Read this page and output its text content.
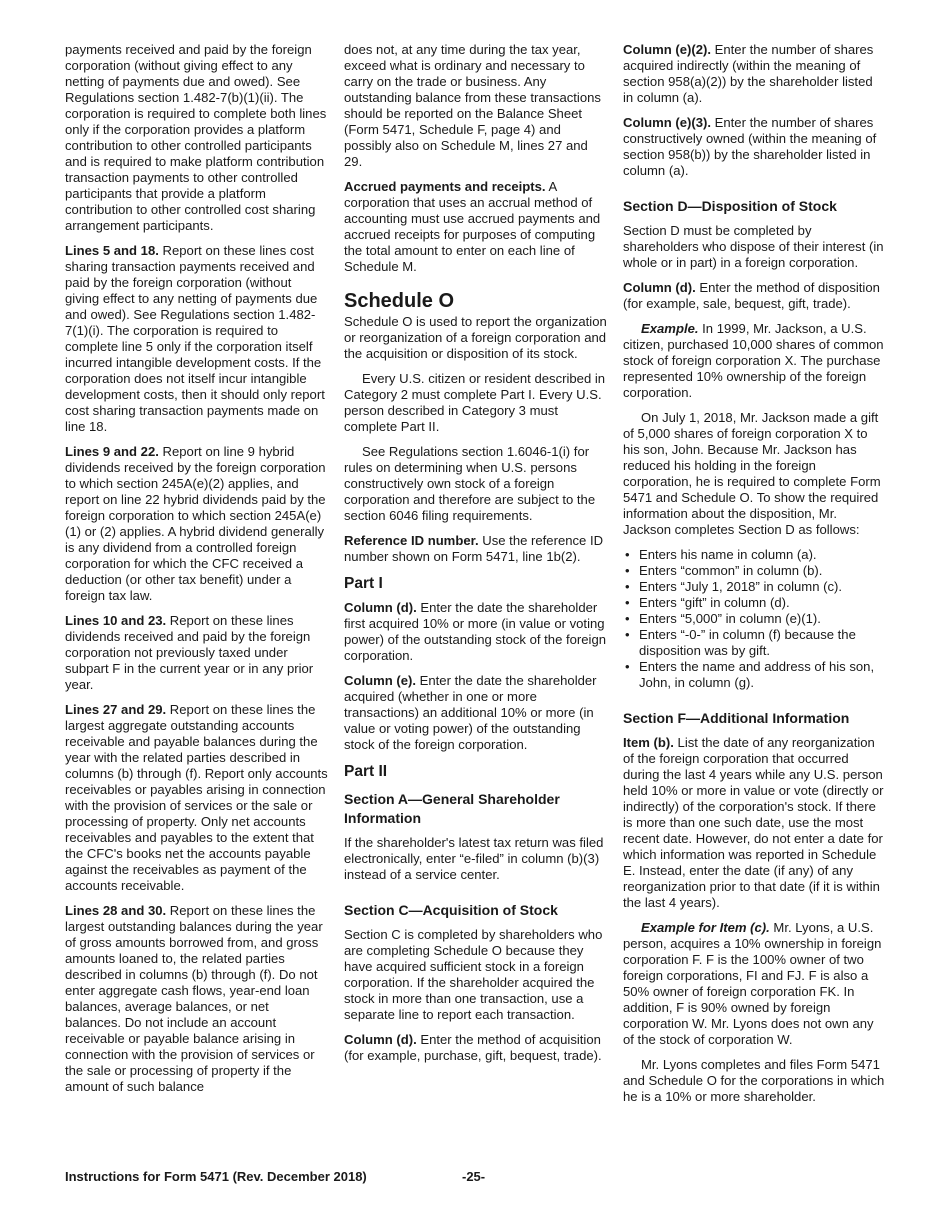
payments received and paid by the foreign corporation (without giving effect to any netting of payments due and owed). See Regulations section 1.482-7(b)(1)(ii). The corporation is required to complete both lines only if the corporation provides a platform contribution to other controlled participants and is required to make platform contribution transaction payments to other controlled participants that provide a platform contribution to other controlled cost sharing arrangement participants.

Lines 5 and 18. Report on these lines cost sharing transaction payments received and paid by the foreign corporation (without giving effect to any netting of payments due and owed). See Regulations section 1.482-7(1)(i). The corporation is required to complete line 5 only if the corporation itself incurred intangible development costs. If the corporation does not itself incur intangible development costs, then it should only report cost sharing transaction payments made on line 18.

Lines 9 and 22. Report on line 9 hybrid dividends received by the foreign corporation to which section 245A(e)(2) applies, and report on line 22 hybrid dividends paid by the foreign corporation to which section 245A(e)(1) or (2) applies. A hybrid dividend generally is any dividend from a controlled foreign corporation for which the CFC received a deduction (or other tax benefit) under a foreign tax law.

Lines 10 and 23. Report on these lines dividends received and paid by the foreign corporation not previously taxed under subpart F in the current year or in any prior year.

Lines 27 and 29. Report on these lines the largest aggregate outstanding accounts receivable and payable balances during the year with the related parties described in columns (b) through (f). Report only accounts receivables or payables arising in connection with the provision of services or the sale or processing of property. Only net accounts receivables and payables to the extent that the CFC's books net the accounts payable against the receivables as payment of the accounts receivable.

Lines 28 and 30. Report on these lines the largest outstanding balances during the year of gross amounts borrowed from, and gross amounts loaned to, the related parties described in columns (b) through (f). Do not enter aggregate cash flows, year-end loan balances, average balances, or net balances. Do not include an account receivable or payable balance arising in connection with the provision of services or the sale or processing of property if the amount of such balance

does not, at any time during the tax year, exceed what is ordinary and necessary to carry on the trade or business. Any outstanding balance from these transactions should be reported on the Balance Sheet (Form 5471, Schedule F, page 4) and possibly also on Schedule M, lines 27 and 29.

Accrued payments and receipts. A corporation that uses an accrual method of accounting must use accrued payments and accrued receipts for purposes of computing the total amount to enter on each line of Schedule M.

Schedule O

Schedule O is used to report the organization or reorganization of a foreign corporation and the acquisition or disposition of its stock.

Every U.S. citizen or resident described in Category 2 must complete Part I. Every U.S. person described in Category 3 must complete Part II.

See Regulations section 1.6046-1(i) for rules on determining when U.S. persons constructively own stock of a foreign corporation and therefore are subject to the section 6046 filing requirements.

Reference ID number. Use the reference ID number shown on Form 5471, line 1b(2).

Part I

Column (d). Enter the date the shareholder first acquired 10% or more (in value or voting power) of the outstanding stock of the foreign corporation.

Column (e). Enter the date the shareholder acquired (whether in one or more transactions) an additional 10% or more (in value or voting power) of the outstanding stock of the foreign corporation.

Part II
Section A—General Shareholder Information

If the shareholder's latest tax return was filed electronically, enter “e-filed” in column (b)(3) instead of a service center.

Section C—Acquisition of Stock

Section C is completed by shareholders who are completing Schedule O because they have acquired sufficient stock in a foreign corporation. If the shareholder acquired the stock in more than one transaction, use a separate line to report each transaction.

Column (d). Enter the method of acquisition (for example, purchase, gift, bequest, trade).

Column (e)(2). Enter the number of shares acquired indirectly (within the meaning of section 958(a)(2)) by the shareholder listed in column (a).

Column (e)(3). Enter the number of shares constructively owned (within the meaning of section 958(b)) by the shareholder listed in column (a).

Section D—Disposition of Stock

Section D must be completed by shareholders who dispose of their interest (in whole or in part) in a foreign corporation.

Column (d). Enter the method of disposition (for example, sale, bequest, gift, trade).

Example. In 1999, Mr. Jackson, a U.S. citizen, purchased 10,000 shares of common stock of foreign corporation X. The purchase represented 10% ownership of the foreign corporation.

On July 1, 2018, Mr. Jackson made a gift of 5,000 shares of foreign corporation X to his son, John. Because Mr. Jackson has reduced his holding in the foreign corporation, he is required to complete Form 5471 and Schedule O. To show the required information about the disposition, Mr. Jackson completes Section D as follows:

• Enters his name in column (a).
• Enters “common” in column (b).
• Enters “July 1, 2018” in column (c).
• Enters “gift” in column (d).
• Enters “5,000” in column (e)(1).
• Enters “-0-” in column (f) because the disposition was by gift.
• Enters the name and address of his son, John, in column (g).
Section F—Additional Information

Item (b). List the date of any reorganization of the foreign corporation that occurred during the last 4 years while any U.S. person held 10% or more in value or vote (directly or indirectly) of the corporation's stock. If there is more than one such date, use the most recent date. However, do not enter a date for which information was reported in Schedule E. Instead, enter the date (if any) of any reorganization prior to that date (if it is within the last 4 years).

Example for Item (c). Mr. Lyons, a U.S. person, acquires a 10% ownership in foreign corporation F. F is the 100% owner of two foreign corporations, FI and FJ. F is also a 50% owner of foreign corporation FK. In addition, F is 90% owned by foreign corporation W. Mr. Lyons does not own any of the stock of corporation W.

Mr. Lyons completes and files Form 5471 and Schedule O for the corporations in which he is a 10% or more shareholder.

Instructions for Form 5471 (Rev. December 2018)	-25-
